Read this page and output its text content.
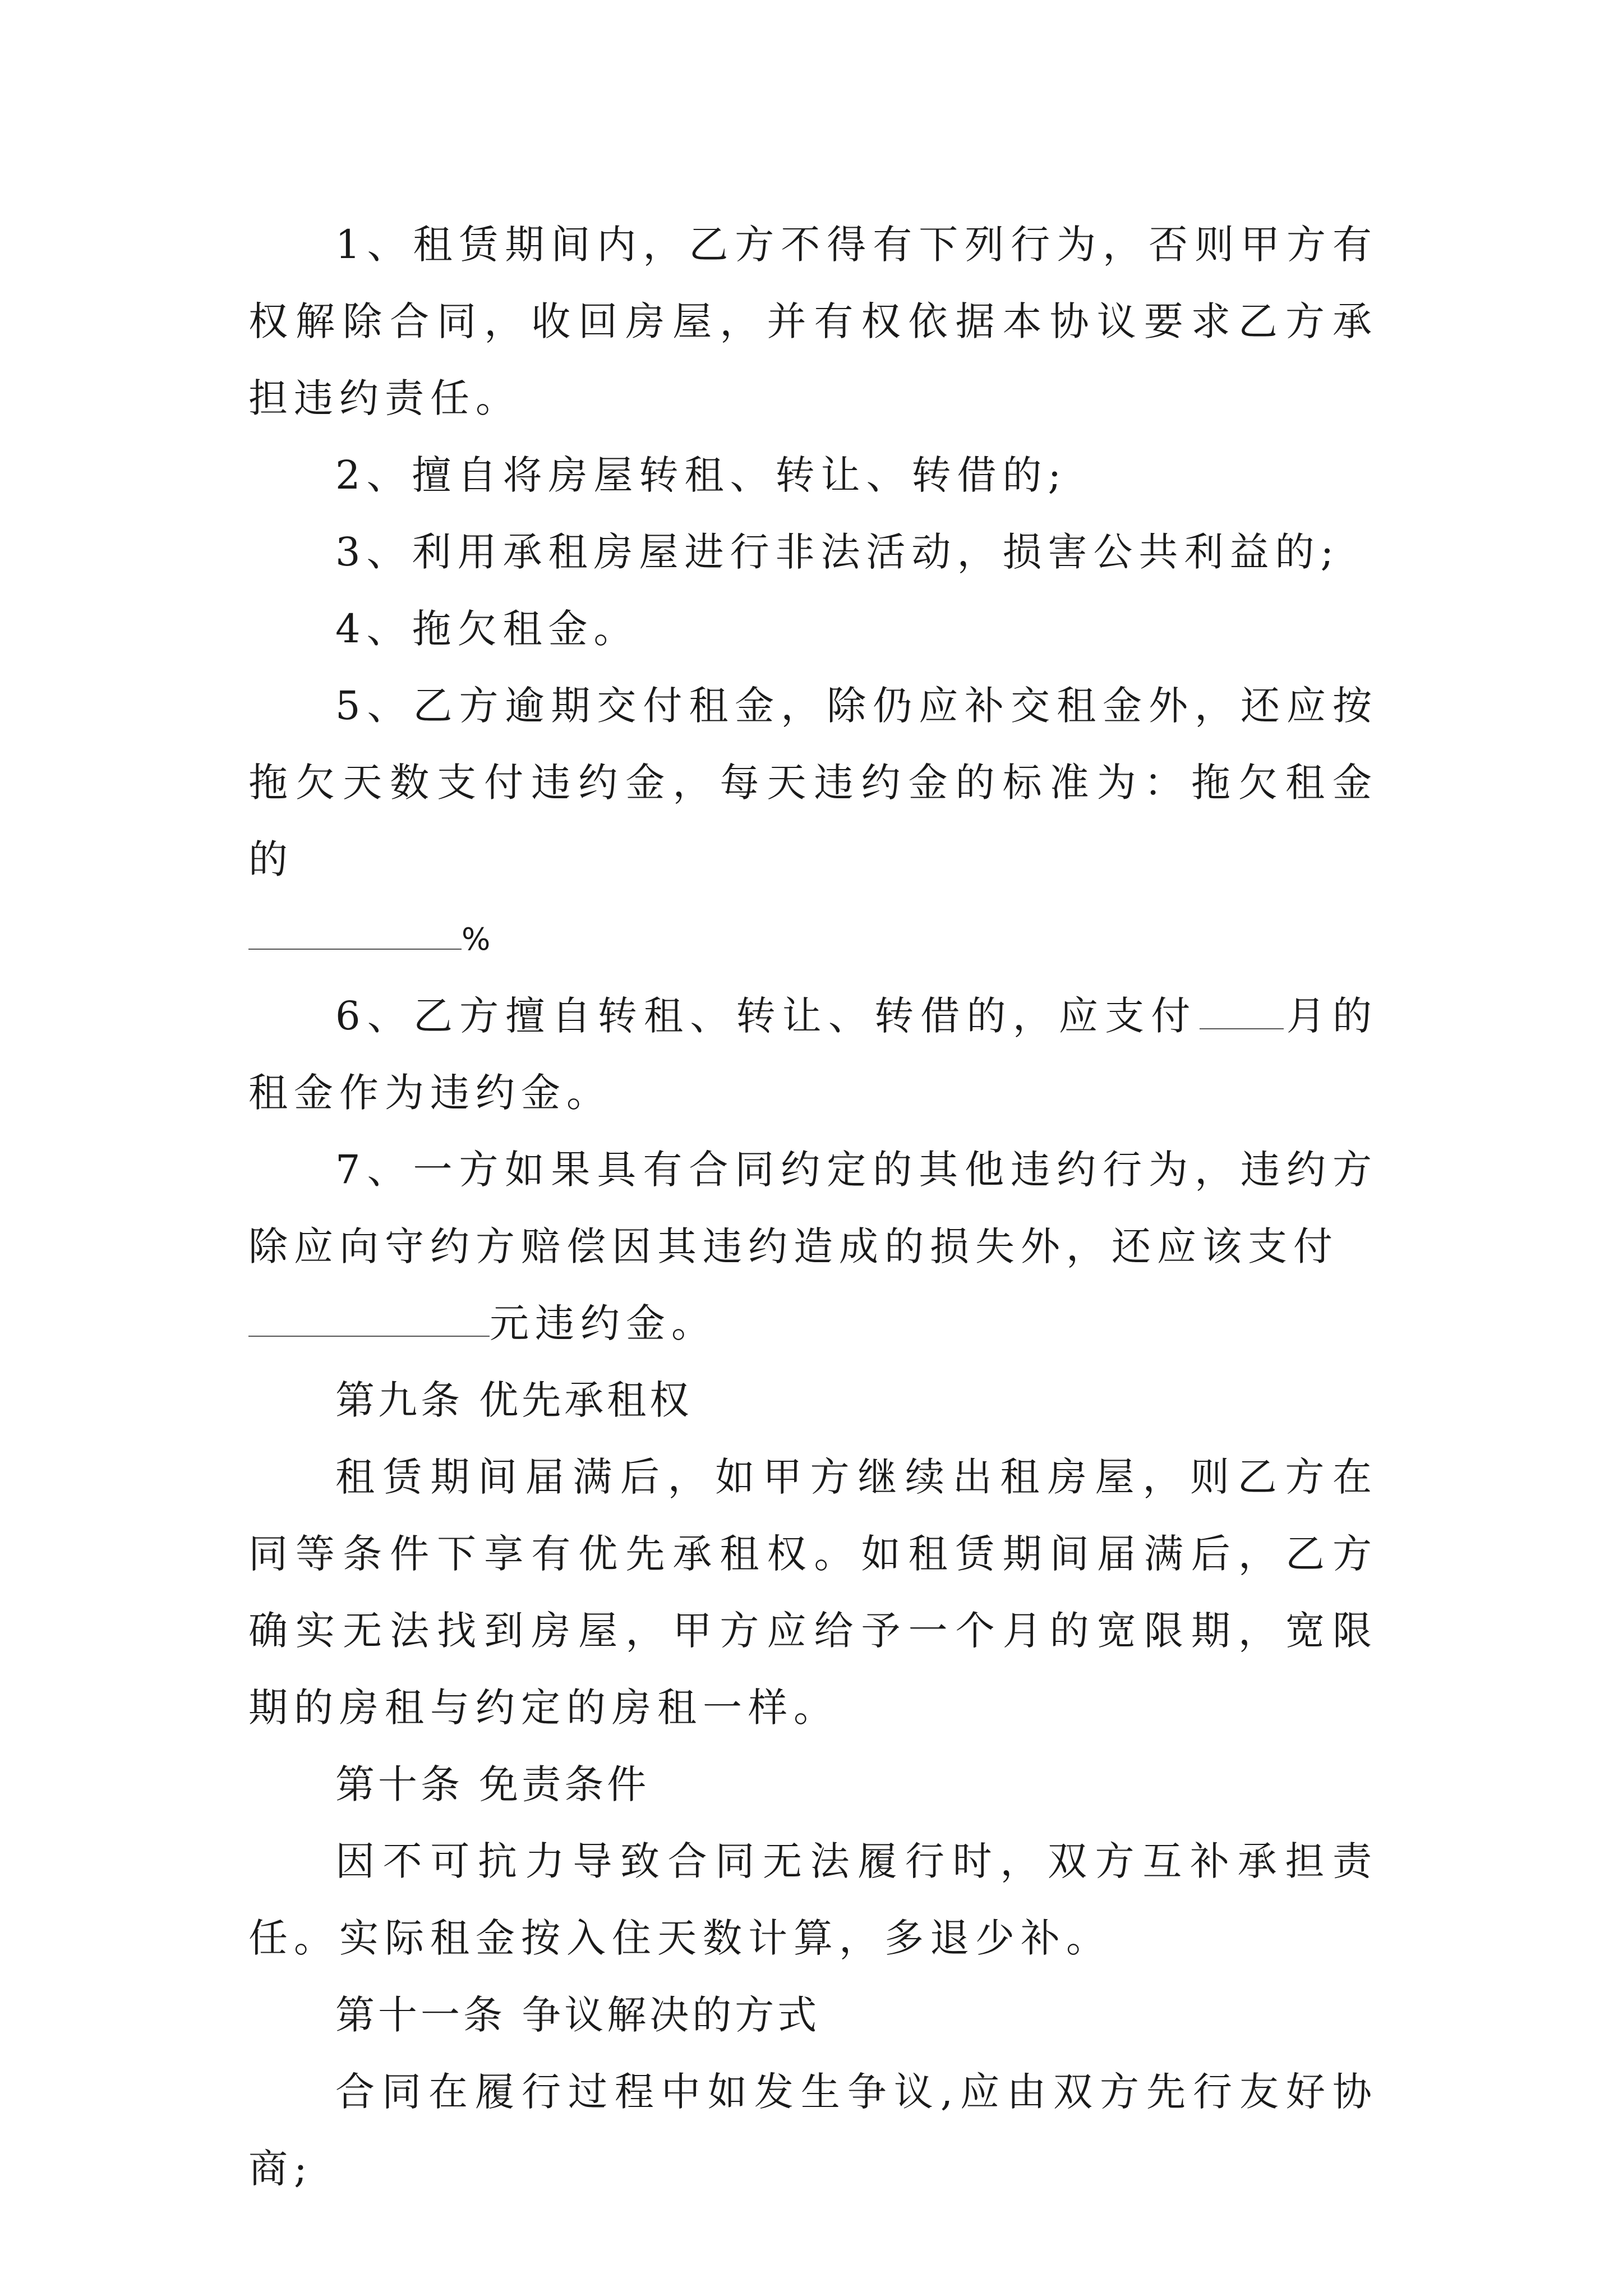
1、租赁期间内，乙方不得有下列行为，否则甲方有权解除合同，收回房屋，并有权依据本协议要求乙方承担违约责任。

2、擅自将房屋转租、转让、转借的;

3、利用承租房屋进行非法活动，损害公共利益的;

4、拖欠租金。

5、乙方逾期交付租金，除仍应补交租金外，还应按拖欠天数支付违约金，每天违约金的标准为：拖欠租金的
%

6、乙方擅自转租、转让、转借的，应支付 月的租金作为违约金。

7、一方如果具有合同约定的其他违约行为，违约方除应向守约方赔偿因其违约造成的损失外，还应该支付
元违约金。

第九条 优先承租权

租赁期间届满后，如甲方继续出租房屋，则乙方在同等条件下享有优先承租权。如租赁期间届满后，乙方确实无法找到房屋，甲方应给予一个月的宽限期，宽限期的房租与约定的房租一样。

第十条 免责条件

因不可抗力导致合同无法履行时，双方互补承担责任。实际租金按入住天数计算，多退少补。

第十一条 争议解决的方式

合同在履行过程中如发生争议,应由双方先行友好协商;
